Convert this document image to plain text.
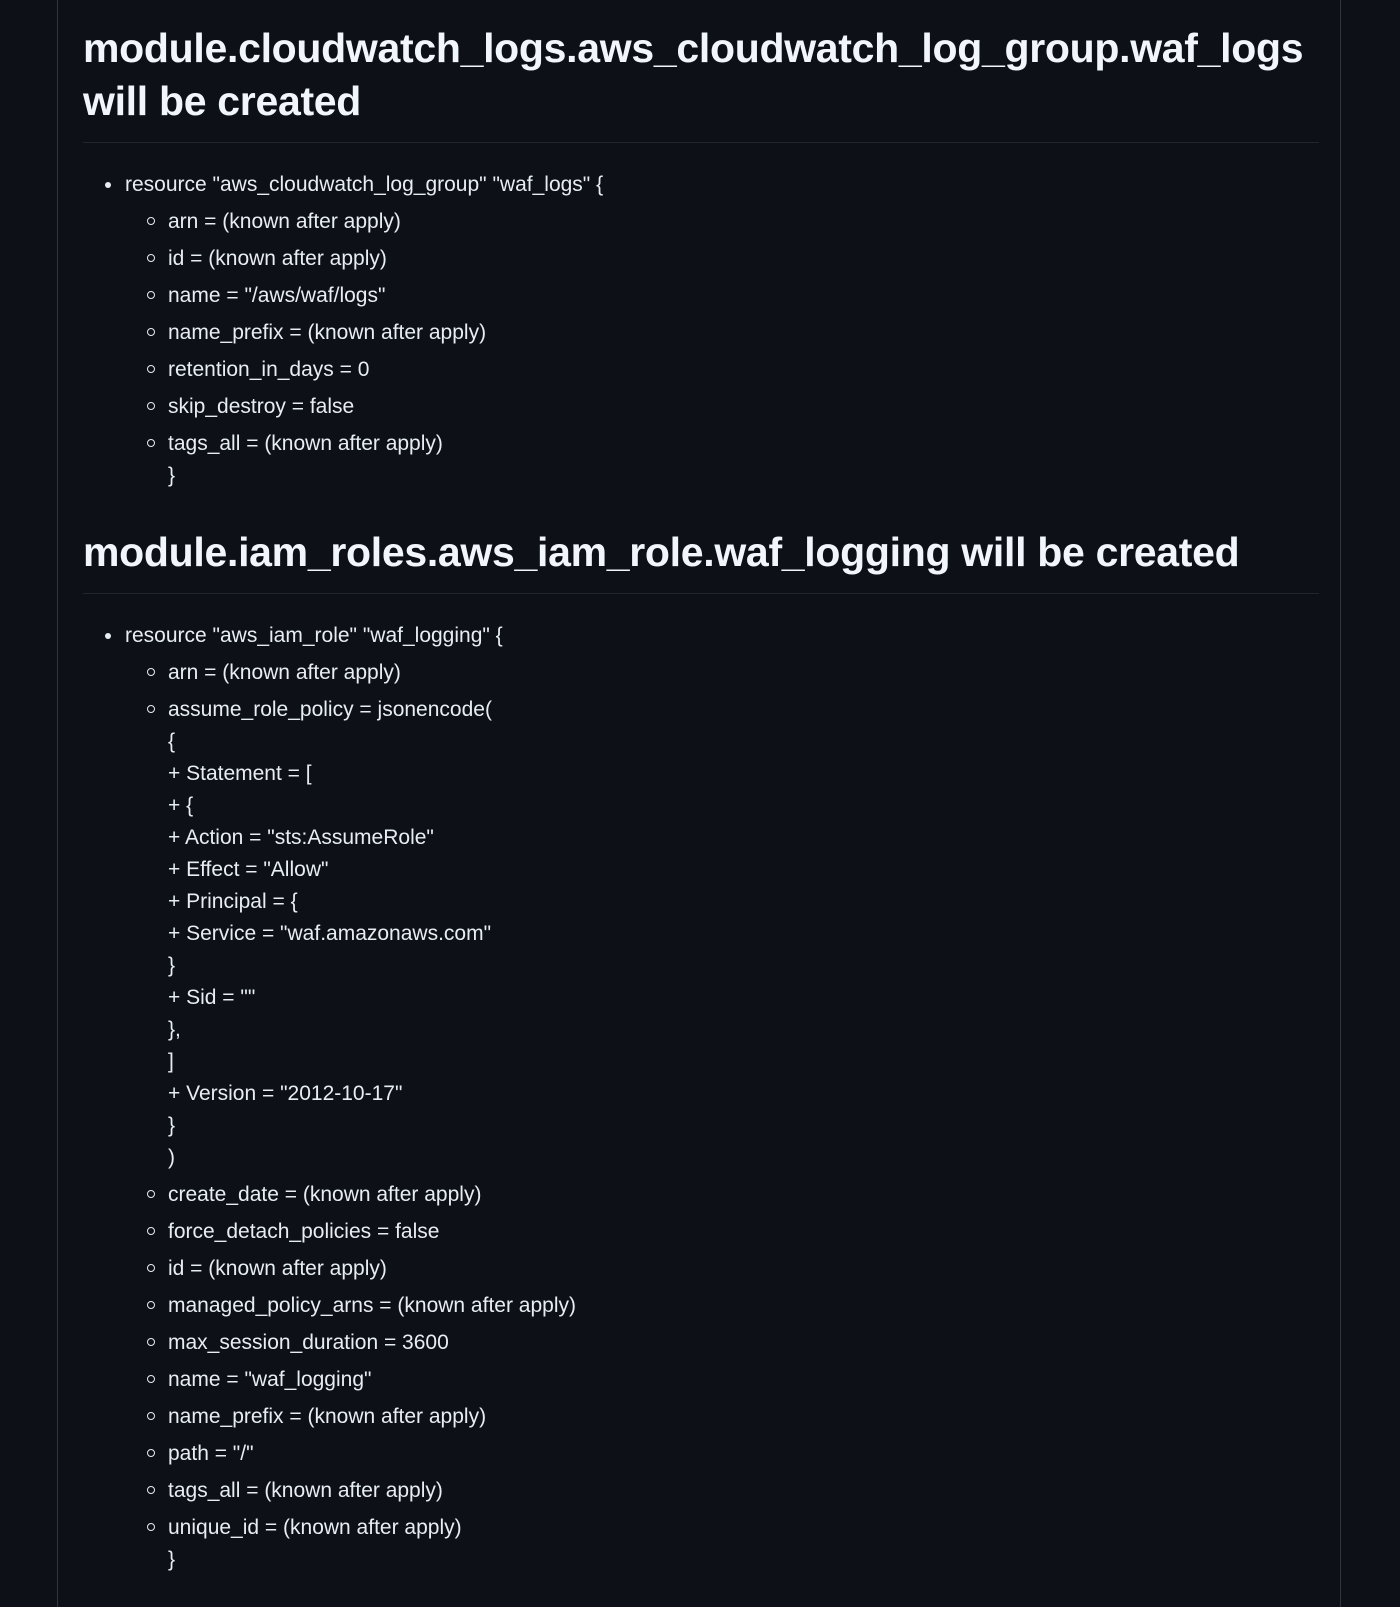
module.cloudwatch_logs.aws_cloudwatch_log_group.waf_logs
will be created
resource "aws_cloudwatch_log_group" "waf_logs" {
arn = (known after apply)
id = (known after apply)
name = "/aws/waf/logs"
name_prefix = (known after apply)
retention_in_days = 0
skip_destroy = false
tags_all = (known after apply)
}
module.iam_roles.aws_iam_role.waf_logging will be created
resource "aws_iam_role" "waf_logging" {
arn = (known after apply)
assume_role_policy = jsonencode(
{
+ Statement = [
+ {
+ Action = "sts:AssumeRole"
+ Effect = "Allow"
+ Principal = {
+ Service = "waf.amazonaws.com"
}
+ Sid = ""
},
]
+ Version = "2012-10-17"
}
)
create_date = (known after apply)
force_detach_policies = false
id = (known after apply)
managed_policy_arns = (known after apply)
max_session_duration = 3600
name = "waf_logging"
name_prefix = (known after apply)
path = "/"
tags_all = (known after apply)
unique_id = (known after apply)
}
